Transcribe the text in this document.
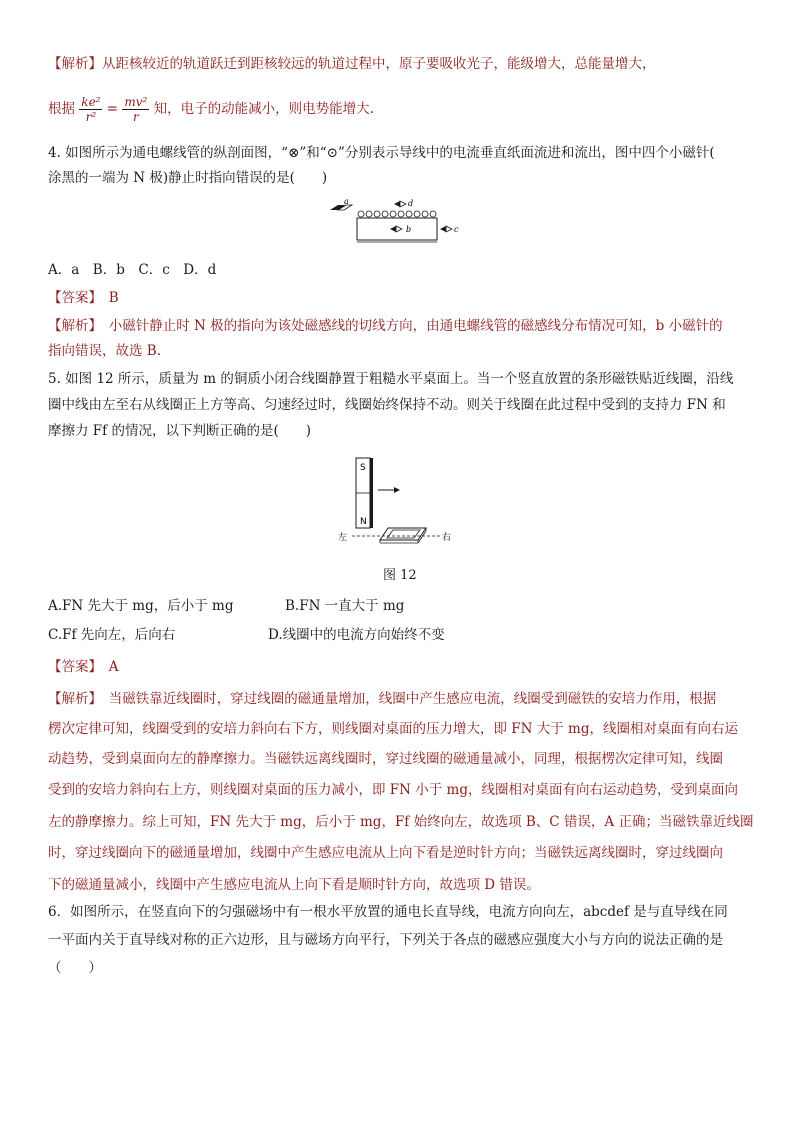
【解析】从距核较近的轨道跃迁到距核较远的轨道过程中，原子要吸收光子，能级增大，总能量增大，
根据 $\frac{\text{ke²}}{\text{r²}} = \frac{\text{mv²}}{r}$ 知，电子的动能减小，则电势能增大.
4. 如图所示为通电螺线管的纵剖面图，“⊗”和“⊙”分别表示导线中的电流垂直纸面流进和流出，图中四个小磁针(
涂黑的一端为 N 极)静止时指向错误的是(　　)
a	d
b	c
A．a　B．b　C．c　D．d
【答案】　 B
【解析】　 小磁针静止时 N 极的指向为该处磁感线的切线方向，由通电螺线管的磁感线分布情况可知，b 小磁针的
指向错误，故选 B.
5. 如图 12 所示，质量为 m 的铜质小闭合线圈静置于粗糙水平桌面上。当一个竖直放置的条形磁铁贴近线圈，沿线
圈中线由左至右从线圈正上方等高、匀速经过时，线圈始终保持不动。则关于线圈在此过程中受到的支持力 FN 和
摩擦力 Ff 的情况，以下判断正确的是(　　)
S
N
左	右
图 12
A.FN 先大于 mg，后小于 mg	B.FN 一直大于 mg
C.Ff 先向左，后向右	D.线圈中的电流方向始终不变
【答案】　 A
【解析】　 当磁铁靠近线圈时，穿过线圈的磁通量增加，线圈中产生感应电流，线圈受到磁铁的安培力作用，根据
楞次定律可知，线圈受到的安培力斜向右下方，则线圈对桌面的压力增大，即 FN 大于 mg，线圈相对桌面有向右运
动趋势，受到桌面向左的静摩擦力。当磁铁远离线圈时，穿过线圈的磁通量减小，同理，根据楞次定律可知，线圈
受到的安培力斜向右上方，则线圈对桌面的压力减小，即 FN 小于 mg，线圈相对桌面有向右运动趋势，受到桌面向
左的静摩擦力。综上可知，FN 先大于 mg，后小于 mg，Ff 始终向左，故选项 B、C 错误，A 正确；当磁铁靠近线圈
时，穿过线圈向下的磁通量增加，线圈中产生感应电流从上向下看是逆时针方向；当磁铁远离线圈时，穿过线圈向
下的磁通量减小，线圈中产生感应电流从上向下看是顺时针方向，故选项 D 错误。
6．如图所示，在竖直向下的匀强磁场中有一根水平放置的通电长直导线，电流方向向左，abcdef 是与直导线在同
一平面内关于直导线对称的正六边形，且与磁场方向平行，下列关于各点的磁感应强度大小与方向的说法正确的是
（　　）
